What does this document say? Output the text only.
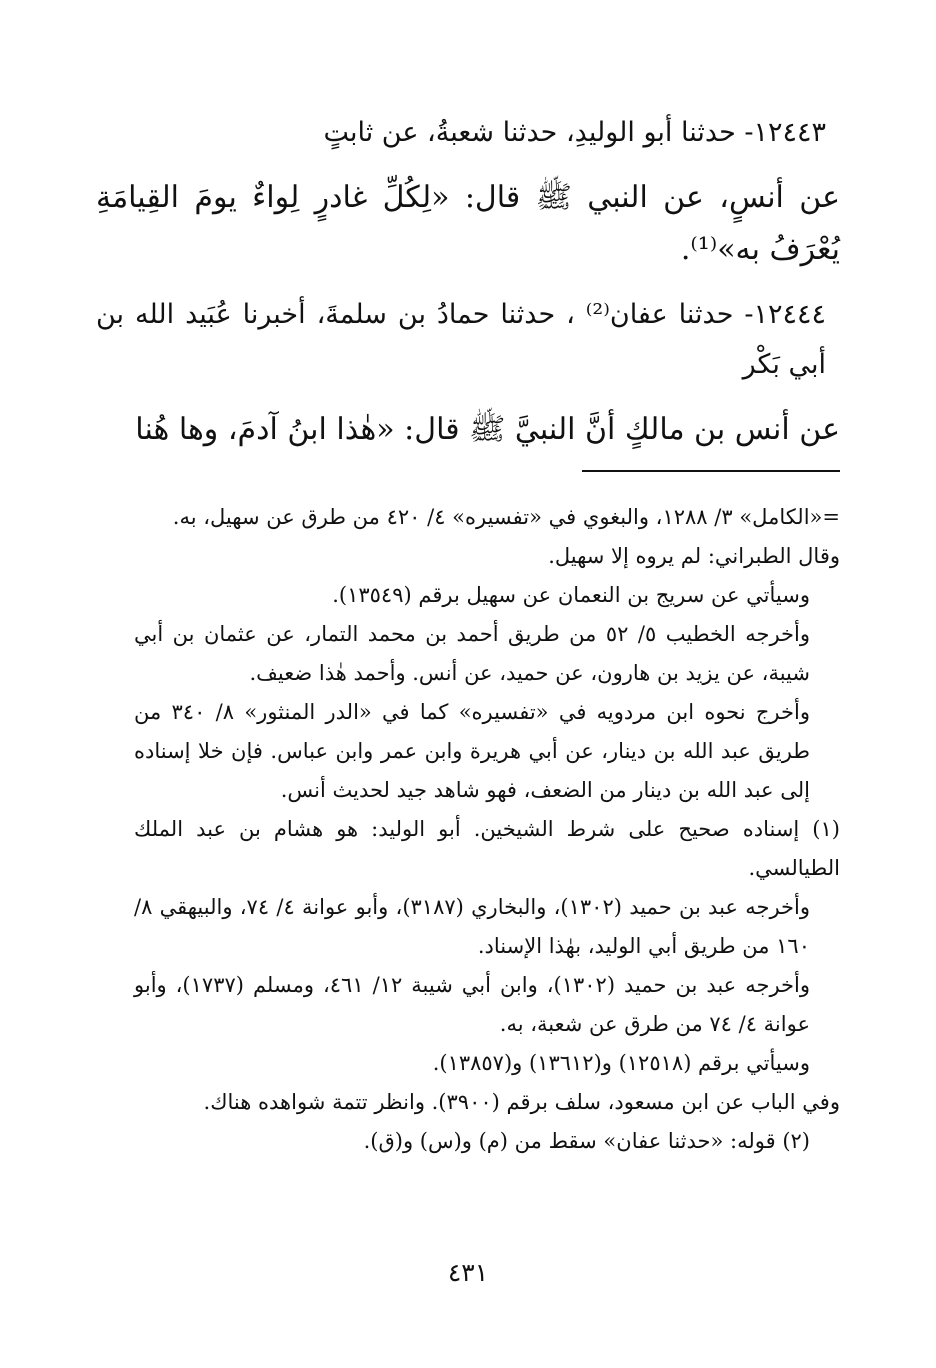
١٢٤٤٣- حدثنا أبو الوليدِ، حدثنا شعبةُ، عن ثابتٍ

عن أنسٍ، عن النبي ﷺ قال: «لِكُلِّ غادرٍ لِواءٌ يومَ القِيامَةِ يُعْرَفُ به»⁽¹⁾.

١٢٤٤٤- حدثنا عفان⁽²⁾ ، حدثنا حمادُ بن سلمةَ، أخبرنا عُبَيد الله بن أبي بَكْر

عن أنس بن مالكٍ أنَّ النبيَّ ﷺ قال: «هٰذا ابنُ آدمَ، وها هُنا

=«الكامل» ٣/ ١٢٨٨، والبغوي في «تفسيره» ٤/ ٤٢٠ من طرق عن سهيل، به.

وقال الطبراني: لم يروه إلا سهيل.

وسيأتي عن سريج بن النعمان عن سهيل برقم (١٣٥٤٩).

وأخرجه الخطيب ٥/ ٥٢ من طريق أحمد بن محمد التمار، عن عثمان بن أبي شيبة، عن يزيد بن هارون، عن حميد، عن أنس. وأحمد هٰذا ضعيف.

وأخرج نحوه ابن مردويه في «تفسيره» كما في «الدر المنثور» ٨/ ٣٤٠ من طريق عبد الله بن دينار، عن أبي هريرة وابن عمر وابن عباس. فإن خلا إسناده إلى عبد الله بن دينار من الضعف، فهو شاهد جيد لحديث أنس.

(١) إسناده صحيح على شرط الشيخين. أبو الوليد: هو هشام بن عبد الملك الطيالسي.

وأخرجه عبد بن حميد (١٣٠٢)، والبخاري (٣١٨٧)، وأبو عوانة ٤/ ٧٤، والبيهقي ٨/ ١٦٠ من طريق أبي الوليد، بهٰذا الإسناد.

وأخرجه عبد بن حميد (١٣٠٢)، وابن أبي شيبة ١٢/ ٤٦١، ومسلم (١٧٣٧)، وأبو عوانة ٤/ ٧٤ من طرق عن شعبة، به.

وسيأتي برقم (١٢٥١٨) و(١٣٦١٢) و(١٣٨٥٧).

وفي الباب عن ابن مسعود، سلف برقم (٣٩٠٠). وانظر تتمة شواهده هناك.

(٢) قوله: «حدثنا عفان» سقط من (م) و(س) و(ق).

٤٣١
